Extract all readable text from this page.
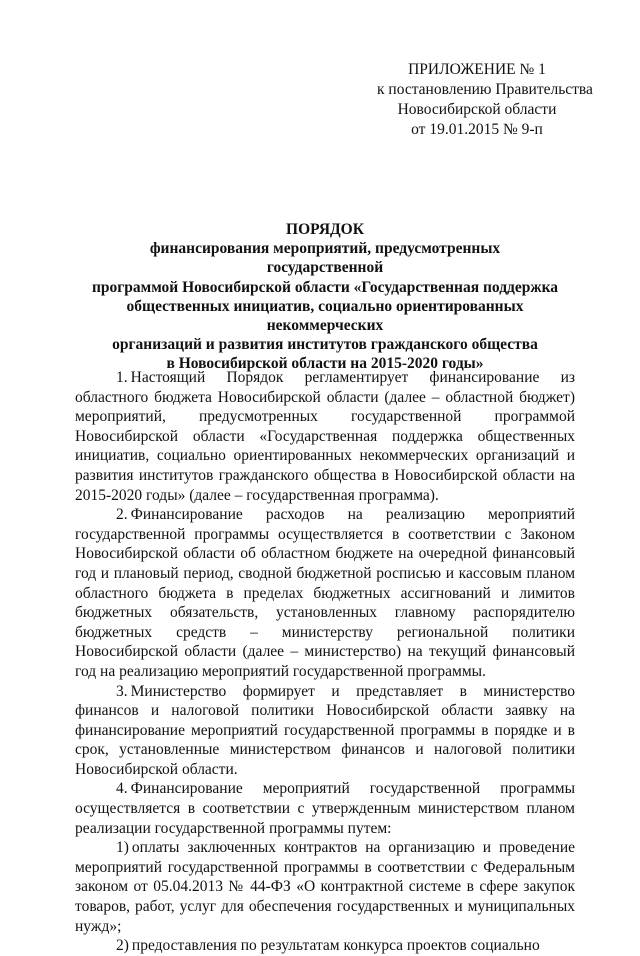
ПРИЛОЖЕНИЕ № 1
к постановлению Правительства
Новосибирской области
от 19.01.2015 № 9-п
ПОРЯДОК
финансирования мероприятий, предусмотренных государственной
программой Новосибирской области «Государственная поддержка
общественных инициатив, социально ориентированных некоммерческих
организаций и развития институтов гражданского общества
в Новосибирской области на 2015-2020 годы»

1. Настоящий Порядок регламентирует финансирование из областного бюджета Новосибирской области (далее – областной бюджет) мероприятий, предусмотренных государственной программой Новосибирской области «Государственная поддержка общественных инициатив, социально ориентированных некоммерческих организаций и развития институтов гражданского общества в Новосибирской области на 2015-2020 годы» (далее – государственная программа).

2. Финансирование расходов на реализацию мероприятий государственной программы осуществляется в соответствии с Законом Новосибирской области об областном бюджете на очередной финансовый год и плановый период, сводной бюджетной росписью и кассовым планом областного бюджета в пределах бюджетных ассигнований и лимитов бюджетных обязательств, установленных главному распорядителю бюджетных средств – министерству региональной политики Новосибирской области (далее – министерство) на текущий финансовый год на реализацию мероприятий государственной программы.

3. Министерство формирует и представляет в министерство финансов и налоговой политики Новосибирской области заявку на финансирование мероприятий государственной программы в порядке и в срок, установленные министерством финансов и налоговой политики Новосибирской области.

4. Финансирование мероприятий государственной программы осуществляется в соответствии с утвержденным министерством планом реализации государственной программы путем:

1) оплаты заключенных контрактов на организацию и проведение мероприятий государственной программы в соответствии с Федеральным законом от 05.04.2013 № 44-ФЗ «О контрактной системе в сфере закупок товаров, работ, услуг для обеспечения государственных и муниципальных нужд»;

2) предоставления по результатам конкурса проектов социально
